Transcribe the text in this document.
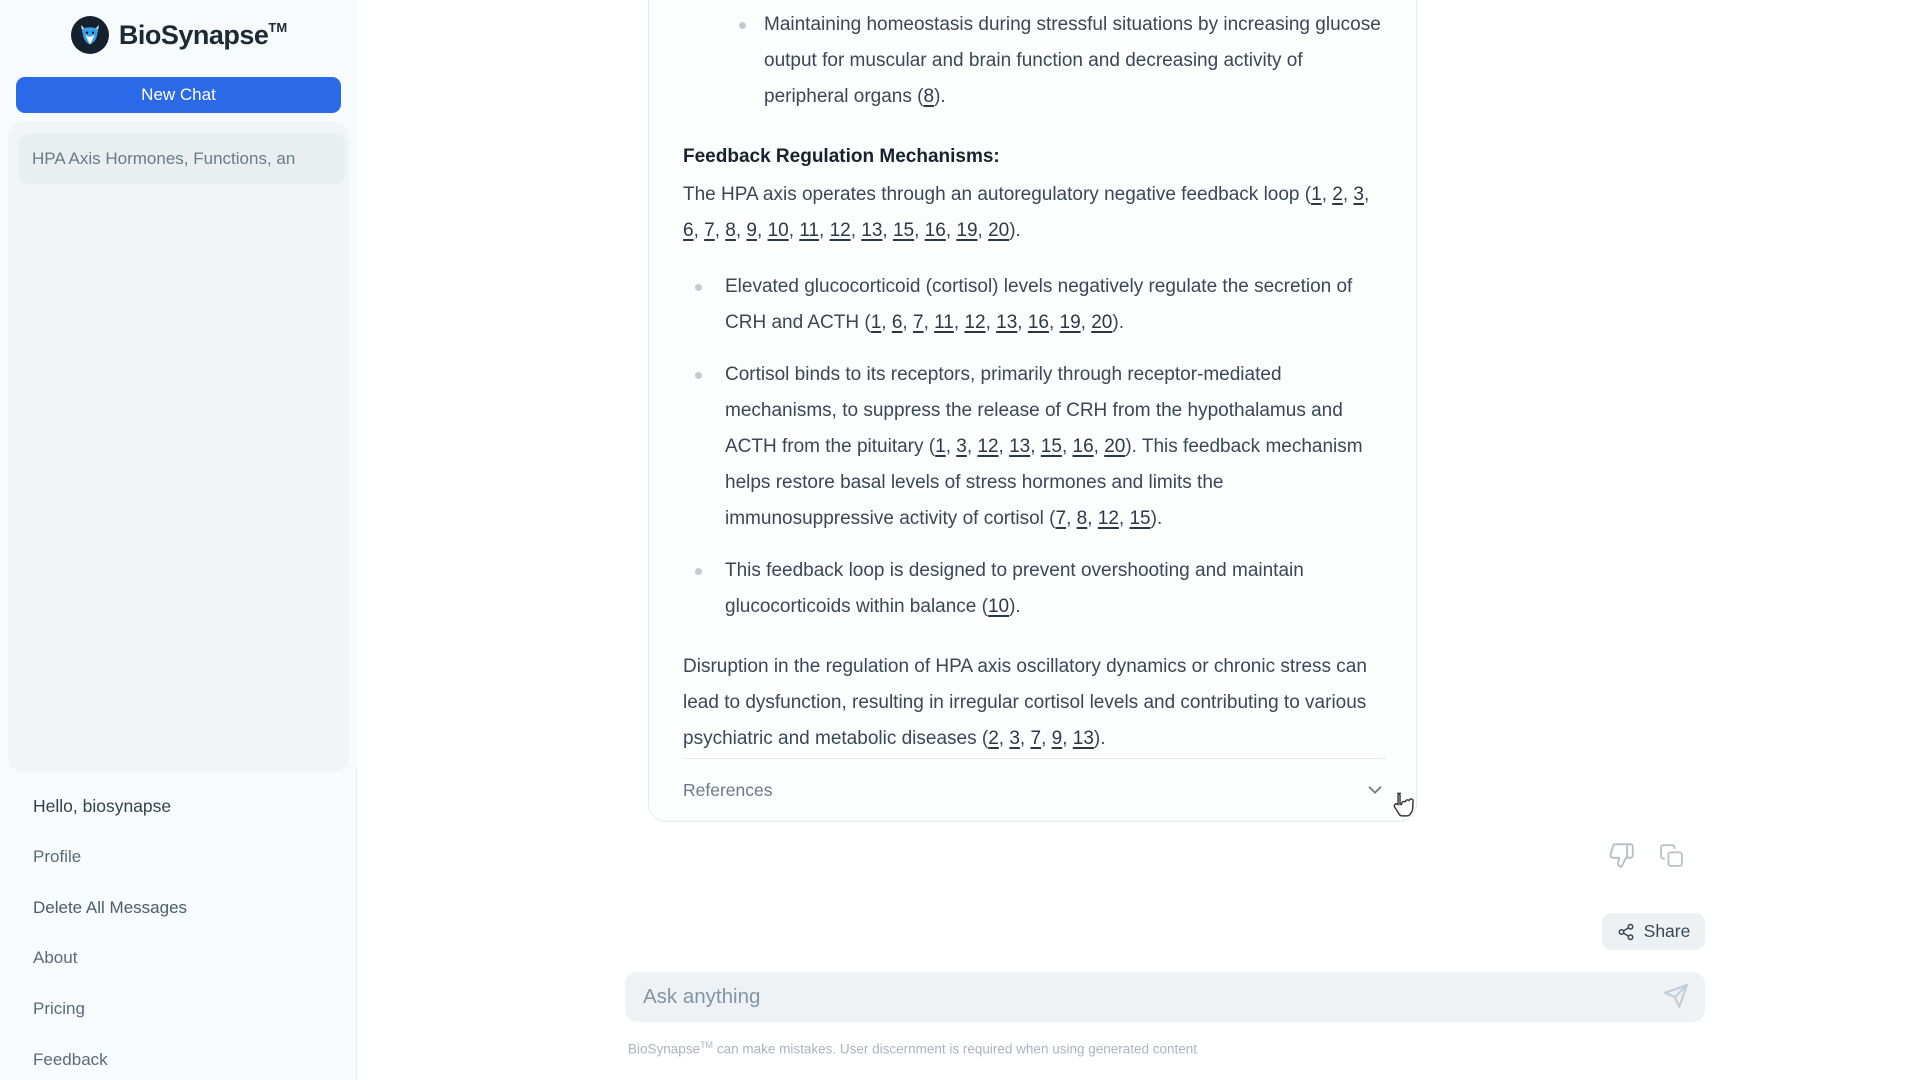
BioSynapse™
New Chat
HPA Axis Hormones, Functions, an
Hello, biosynapse
Profile
Delete All Messages
About
Pricing
Feedback
Maintaining homeostasis during stressful situations by increasing glucose output for muscular and brain function and decreasing activity of peripheral organs (8).
Feedback Regulation Mechanisms:

The HPA axis operates through an autoregulatory negative feedback loop (1, 2, 3, 6, 7, 8, 9, 10, 11, 12, 13, 15, 16, 19, 20).

Elevated glucocorticoid (cortisol) levels negatively regulate the secretion of CRH and ACTH (1, 6, 7, 11, 12, 13, 16, 19, 20).
Cortisol binds to its receptors, primarily through receptor-mediated mechanisms, to suppress the release of CRH from the hypothalamus and ACTH from the pituitary (1, 3, 12, 13, 15, 16, 20). This feedback mechanism helps restore basal levels of stress hormones and limits the immunosuppressive activity of cortisol (7, 8, 12, 15).
This feedback loop is designed to prevent overshooting and maintain glucocorticoids within balance (10).

Disruption in the regulation of HPA axis oscillatory dynamics or chronic stress can lead to dysfunction, resulting in irregular cortisol levels and contributing to various psychiatric and metabolic diseases (2, 3, 7, 9, 13).

References
Share
Ask anything
BioSynapse™ can make mistakes. User discernment is required when using generated content
